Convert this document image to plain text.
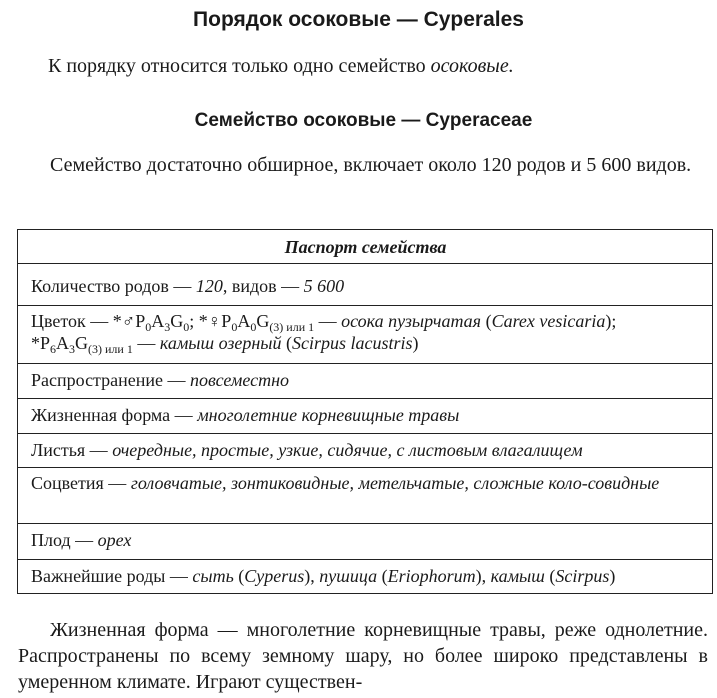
Порядок осоковые — Cyperales
К порядку относится только одно семейство осоковые.
Семейство осоковые — Cyperaceae
Семейство достаточно обширное, включает около 120 родов и 5 600 видов.
Паспорт семейства
Количество родов — 120, видов — 5 600
Цветок — $*♂P_0A_3G_0$; $*♀P_0A_0G_{(3) или 1}$ — осока пузырчатая (Carex vesicaria);
$*P_6A_3G_{(3) или 1}$ — камыш озерный (Scirpus lacustris)
Распространение — повсеместно
Жизненная форма — многолетние корневищные травы
Листья — очередные, простые, узкие, сидячие, с листовым влагалищем
Соцветия — головчатые, зонтиковидные, метельчатые, сложные коло-совидные
Плод — орех
Важнейшие роды — сыть (Cyperus), пушица (Eriophorum), камыш (Scirpus)
Жизненная форма — многолетние корневищные травы, реже однолетние. Распространены по всему земному шару, но более широко представлены в умеренном климате. Играют существен-
